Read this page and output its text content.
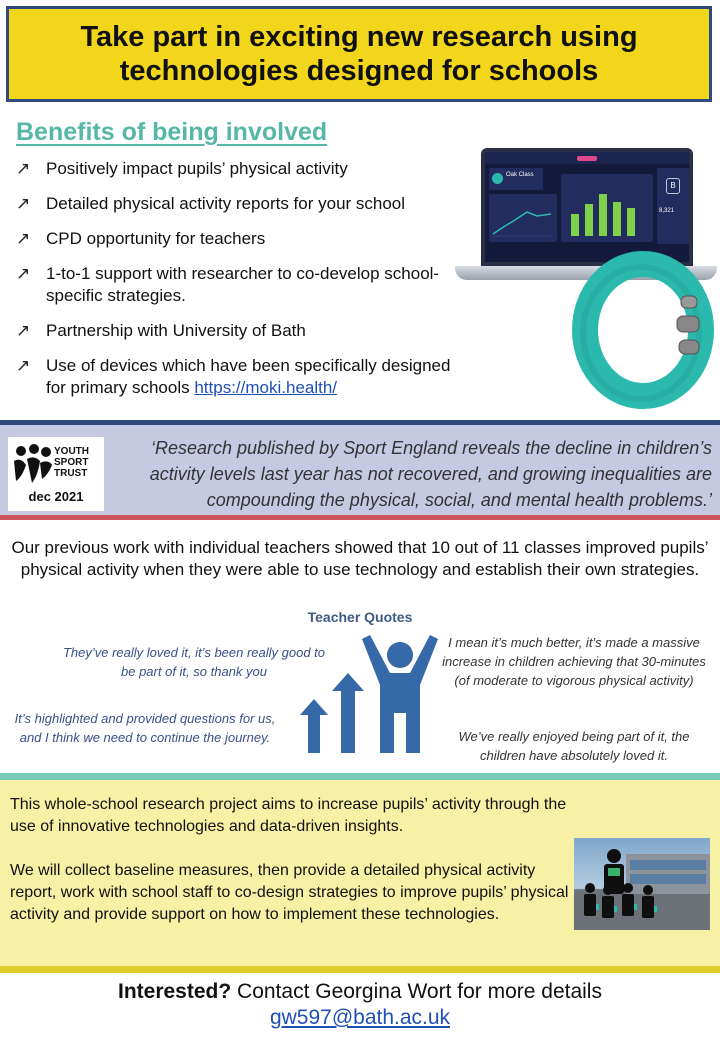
Take part in exciting new research using
technologies designed for schools
Benefits of being involved
↗ Positively impact pupils’ physical activity
↗ Detailed physical activity reports for your school
↗ CPD opportunity for teachers
↗ 1-to-1 support with researcher to co-develop school-specific strategies.
↗ Partnership with University of Bath
↗ Use of devices which have been specifically designed for primary schools https://moki.health/
Oak Class
B
8,321
YOUTH
SPORT
TRUST
dec 2021
‘Research published by Sport England reveals the decline in children’s activity levels last year has not recovered, and growing inequalities are compounding the physical, social, and mental health problems.’
Our previous work with individual teachers showed that 10 out of 11 classes improved pupils’ physical activity when they were able to use technology and establish their own strategies.
Teacher Quotes
They’ve really loved it, it’s been really good to be part of it, so thank you
It’s highlighted and provided questions for us, and I think we need to continue the journey.
I mean it’s much better, it’s made a massive increase in children achieving that 30-minutes (of moderate to vigorous physical activity)
We’ve really enjoyed being part of it, the children have absolutely loved it.

This whole-school research project aims to increase pupils’ activity through the use of innovative technologies and data-driven insights.

We will collect baseline measures, then provide a detailed physical activity report, work with school staff to co-design strategies to improve pupils’ physical activity and provide support on how to implement these technologies.

Interested? Contact Georgina Wort for more details
gw597@bath.ac.uk
